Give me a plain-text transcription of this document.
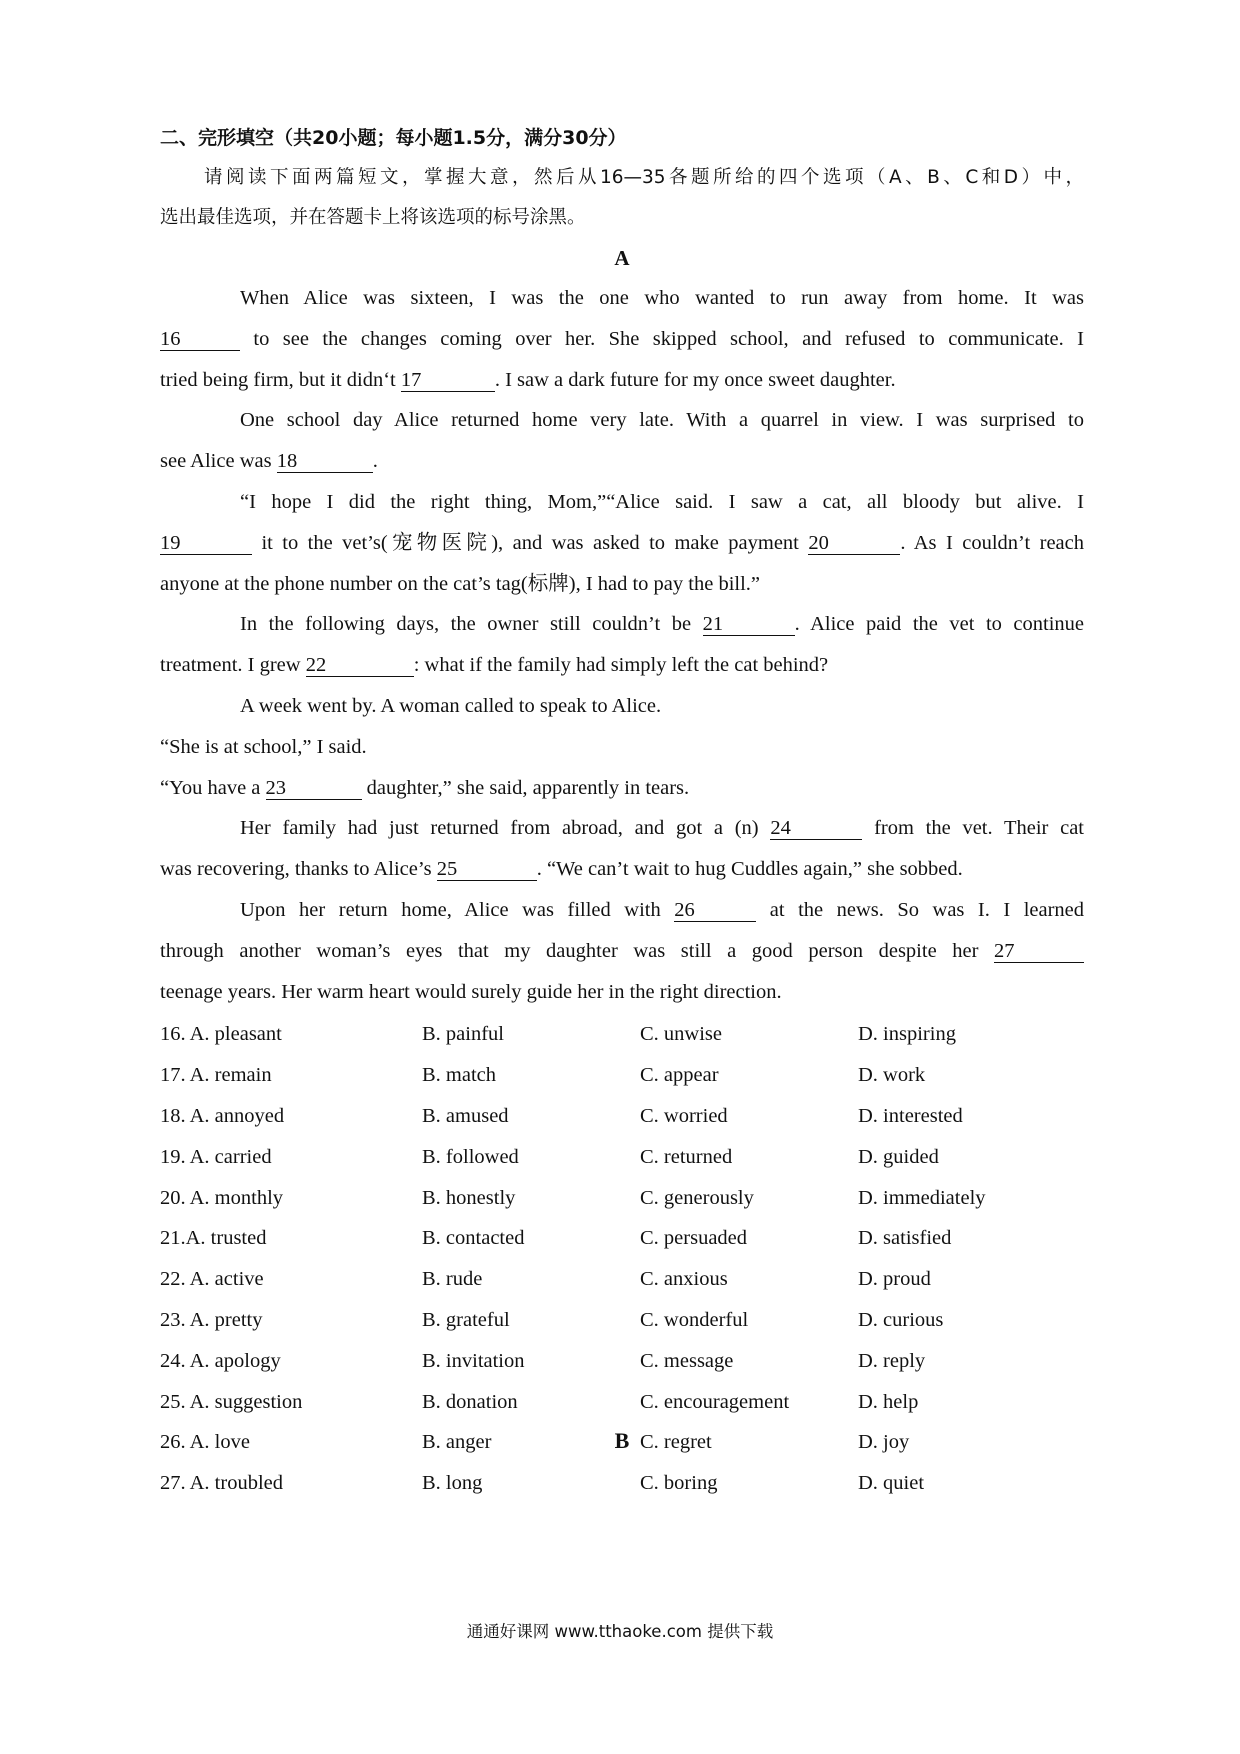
二、完形填空（共20小题；每小题1.5分，满分30分）
请阅读下面两篇短文，掌握大意，然后从16—35各题所给的四个选项（A、B、C和D）中，
选出最佳选项，并在答题卡上将该选项的标号涂黑。
A
When Alice was sixteen, I was the one who wanted to run away from home. It was
16	to see the changes coming over her. She skipped school, and refused to communicate. I
tried being firm, but it didn‘t 17	. I saw a dark future for my once sweet daughter.
One school day Alice returned home very late. With a quarrel in view. I was surprised to
see Alice was 18	.
“I hope I did the right thing, Mom,”“Alice said. I saw a cat, all bloody but alive. I
19	it to the vet’s(宠物医院), and was asked to make payment 20	. As I couldn’t reach
anyone at the phone number on the cat’s tag(标牌), I had to pay the bill.”
In the following days, the owner still couldn’t be 21	. Alice paid the vet to continue
treatment. I grew 22	: what if the family had simply left the cat behind?
A week went by. A woman called to speak to Alice.
“She is at school,” I said.
“You have a 23	daughter,” she said, apparently in tears.
Her family had just returned from abroad, and got a (n) 24	from the vet. Their cat
was recovering, thanks to Alice’s 25	. “We can’t wait to hug Cuddles again,” she sobbed.
Upon her return home, Alice was filled with 26	at the news. So was I. I learned
through another woman’s eyes that my daughter was still a good person despite her 27
teenage years. Her warm heart would surely guide her in the right direction.
16. A. pleasant	B. painful	C. unwise	D. inspiring
17. A. remain	B. match	C. appear	D. work
18. A. annoyed	B. amused	C. worried	D. interested
19. A. carried	B. followed	C. returned	D. guided
20. A. monthly	B. honestly	C. generously	D. immediately
21.A. trusted	B. contacted	C. persuaded	D. satisfied
22. A. active	B. rude	C. anxious	D. proud
23. A. pretty	B. grateful	C. wonderful	D. curious
24. A. apology	B. invitation	C. message	D. reply
25. A. suggestion	B. donation	C. encouragement	D. help
26. A. love	B. anger	C. regret	D. joy
27. A. troubled	B. long	C. boring	D. quiet
B
通通好课网 www.tthaoke.com 提供下载
